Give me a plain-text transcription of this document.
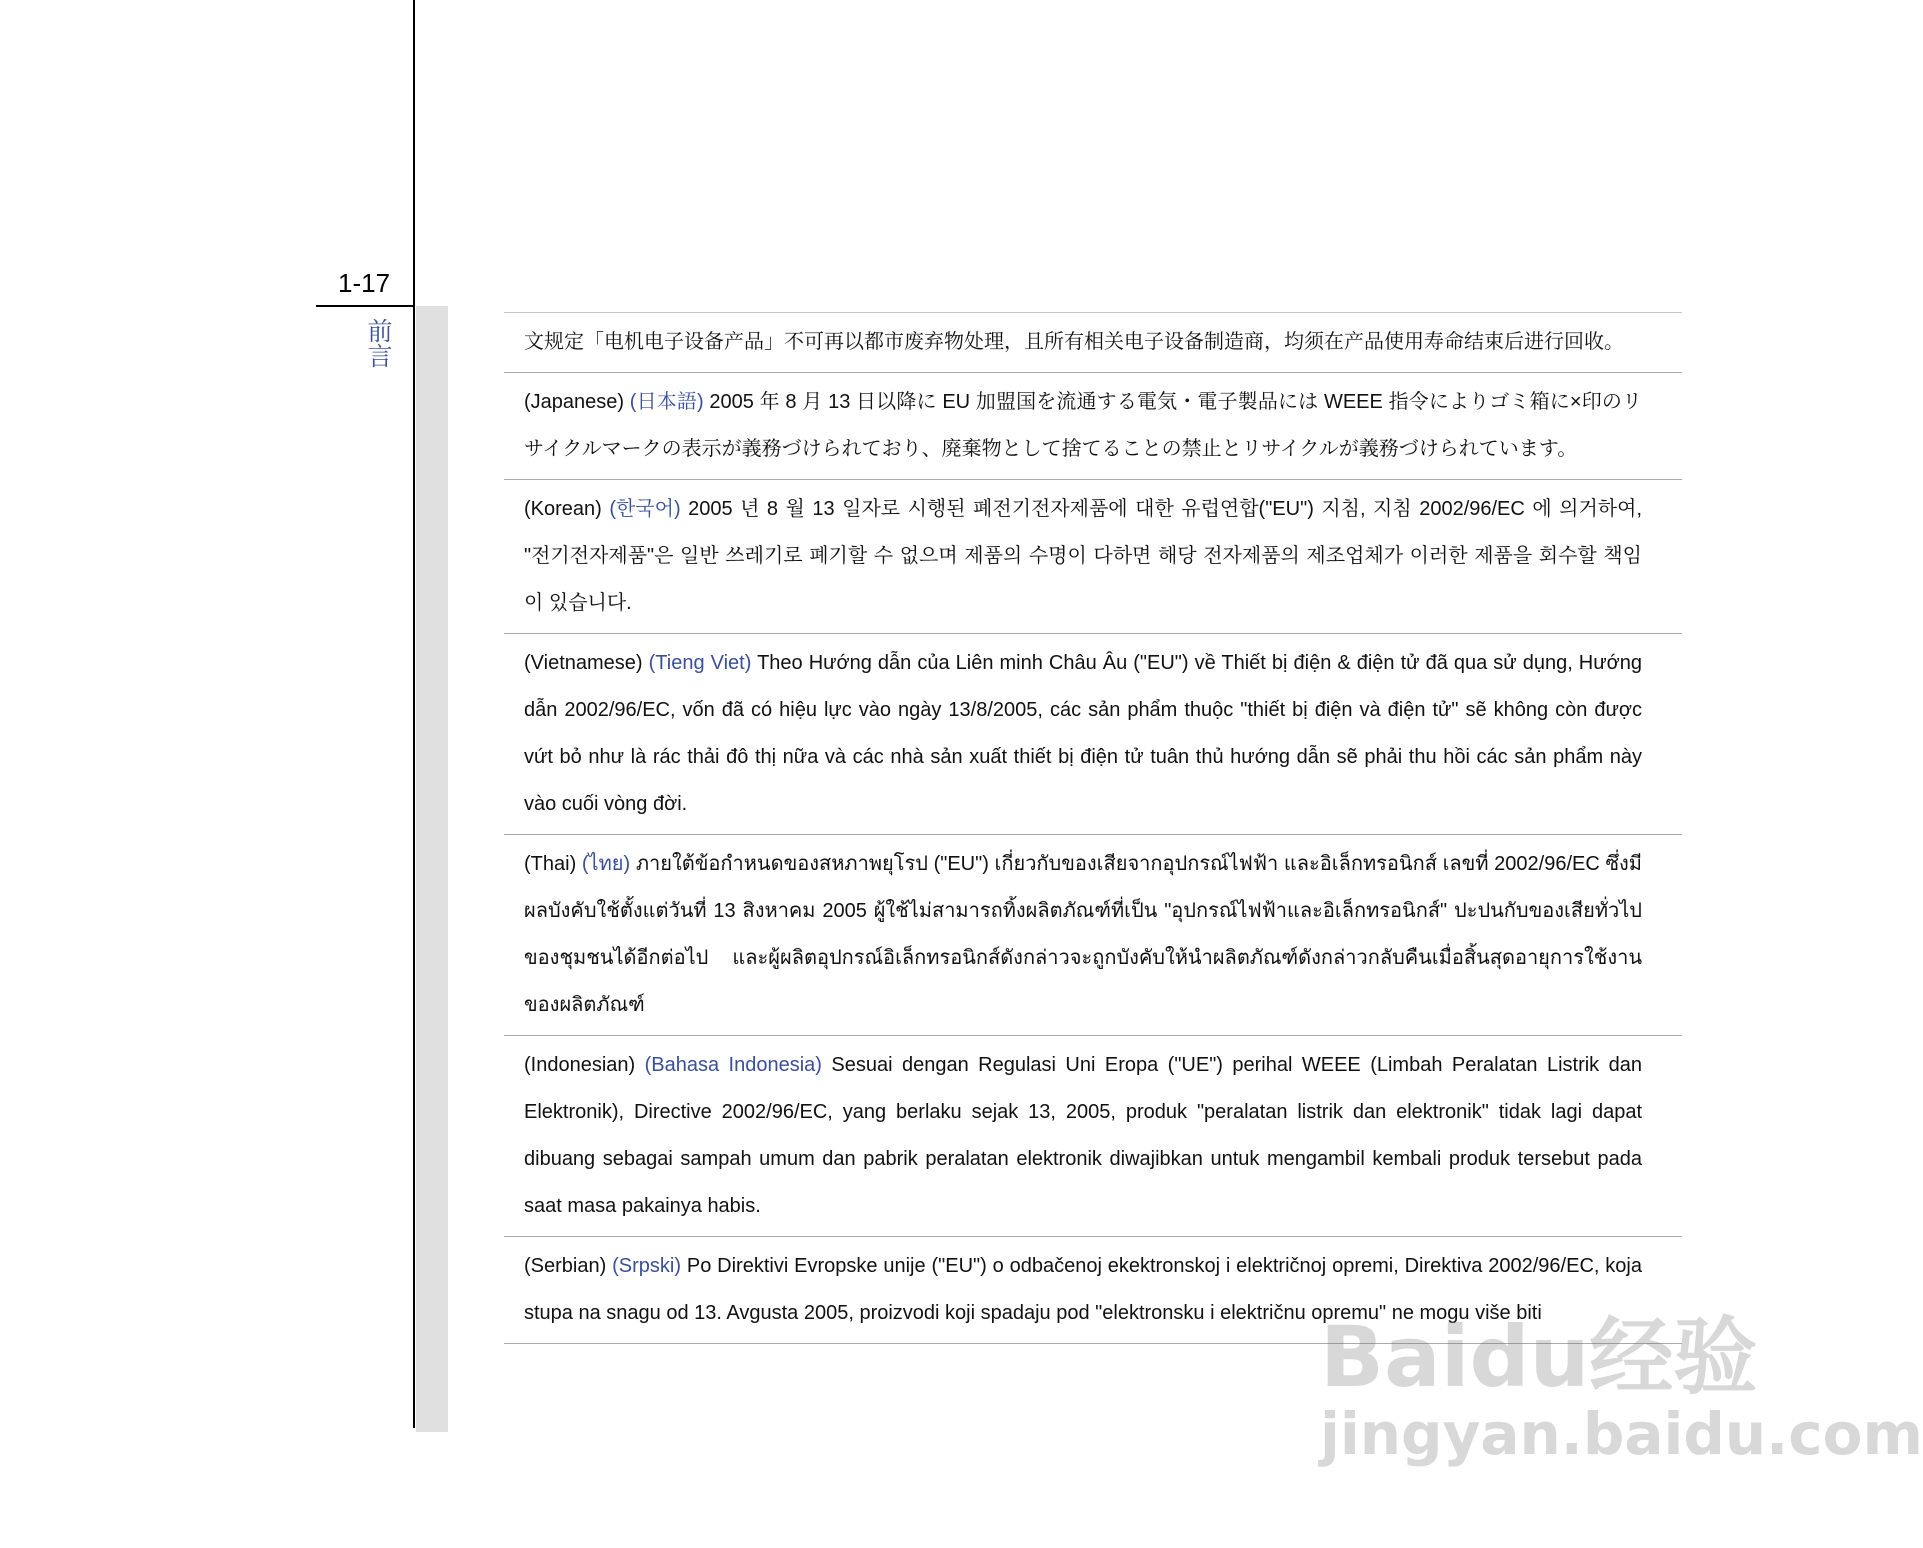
1-17
前言	文规定「电机电子设备产品」不可再以都市废弃物处理，且所有相关电子设备制造商，均须在产品使用寿命结束后进行回收。
(Japanese) (日本語) 2005 年 8 月 13 日以降に EU 加盟国を流通する電気・電子製品には WEEE 指令によりゴミ箱に×印のリサイクルマークの表示が義務づけられており、廃棄物として捨てることの禁止とリサイクルが義務づけられています。
(Korean) (한국어) 2005 년 8 월 13 일자로 시행된 폐전기전자제품에 대한 유럽연합("EU") 지침, 지침 2002/96/EC 에 의거하여, "전기전자제품"은 일반 쓰레기로 폐기할 수 없으며 제품의 수명이 다하면 해당 전자제품의 제조업체가 이러한 제품을 회수할 책임이 있습니다.
(Vietnamese) (Tieng Viet) Theo Hướng dẫn của Liên minh Châu Âu ("EU") về Thiết bị điện & điện tử đã qua sử dụng, Hướng dẫn 2002/96/EC, vốn đã có hiệu lực vào ngày 13/8/2005, các sản phẩm thuộc "thiết bị điện và điện tử" sẽ không còn được vứt bỏ như là rác thải đô thị nữa và các nhà sản xuất thiết bị điện tử tuân thủ hướng dẫn sẽ phải thu hồi các sản phẩm này vào cuối vòng đời.
(Thai) (ไทย) ภายใต้ข้อกำหนดของสหภาพยุโรป ("EU") เกี่ยวกับของเสียจากอุปกรณ์ไฟฟ้า และอิเล็กทรอนิกส์ เลขที่ 2002/96/EC ซึ่งมีผลบังคับใช้ตั้งแต่วันที่ 13 สิงหาคม 2005 ผู้ใช้ไม่สามารถทิ้งผลิตภัณฑ์ที่เป็น "อุปกรณ์ไฟฟ้าและอิเล็กทรอนิกส์" ปะปนกับของเสียทั่วไปของชุมชนได้อีกต่อไป และผู้ผลิตอุปกรณ์อิเล็กทรอนิกส์ดังกล่าวจะถูกบังคับให้นำผลิตภัณฑ์ดังกล่าวกลับคืนเมื่อสิ้นสุดอายุการใช้งานของผลิตภัณฑ์
(Indonesian) (Bahasa Indonesia) Sesuai dengan Regulasi Uni Eropa ("UE") perihal WEEE (Limbah Peralatan Listrik dan Elektronik), Directive 2002/96/EC, yang berlaku sejak 13, 2005, produk "peralatan listrik dan elektronik" tidak lagi dapat dibuang sebagai sampah umum dan pabrik peralatan elektronik diwajibkan untuk mengambil kembali produk tersebut pada saat masa pakainya habis.
(Serbian) (Srpski) Po Direktivi Evropske unije ("EU") o odbačenoj ekektronskoj i električnoj opremi, Direktiva 2002/96/EC, koja stupa na snagu od 13. Avgusta 2005, proizvodi koji spadaju pod "elektronsku i električnu opremu" ne mogu više biti
Baidu经验
jingyan.baidu.com
